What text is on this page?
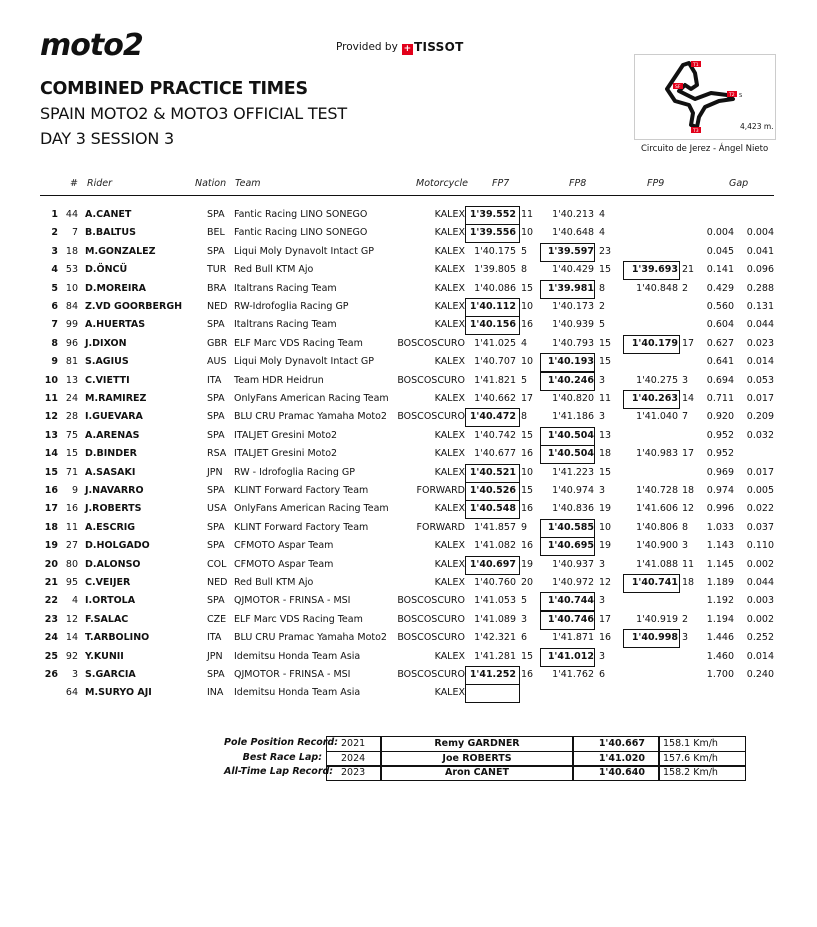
moto2	Provided by + TISSOT
COMBINED PRACTICE TIMES
SPAIN MOTO2 & MOTO3 OFFICIAL TEST
DAY 3 SESSION 3
T1
SF
T2 S
T3
4,423 m.
Circuito de Jerez - Ángel Nieto
# Rider	Nation Team	Motorcycle	FP7	FP8	FP9	Gap
1 44 A.CANET	SPA Fantic Racing LINO SONEGO	KALEX 1'39.552 11	1'40.213 4
2	7 B.BALTUS	BEL Fantic Racing LINO SONEGO	KALEX 1'39.556 10	1'40.648 4	0.004	0.004
3 18 M.GONZALEZ	SPA Liqui Moly Dynavolt Intact GP	KALEX 1'40.175 5 1'39.597 23	0.045	0.041
4 53 D.ÖNCÜ	TUR Red Bull KTM Ajo	KALEX 1'39.805 8	1'40.429 15	1'39.693 21	0.141	0.096
5 10 D.MOREIRA	BRA Italtrans Racing Team	KALEX 1'40.086 15 1'39.981 8	1'40.848 2	0.429	0.288
6 84 Z.VD GOORBERGH	NED RW-Idrofoglia Racing GP	KALEX 1'40.112 10	1'40.173 2	0.560	0.131
7 99 A.HUERTAS	SPA Italtrans Racing Team	KALEX 1'40.156 16	1'40.939 5	0.604	0.044
8 96 J.DIXON	GBR ELF Marc VDS Racing Team	BOSCOSCURO 1'41.025 4	1'40.793 15	1'40.179 17	0.627	0.023
9 81 S.AGIUS	AUS Liqui Moly Dynavolt Intact GP	KALEX 1'40.707 10 1'40.193 15	0.641	0.014
10 13 C.VIETTI	ITA Team HDR Heidrun	BOSCOSCURO 1'41.821 5 1'40.246 3	1'40.275 3	0.694	0.053
11 24 M.RAMIREZ	SPA OnlyFans American Racing Team	KALEX 1'40.662 17	1'40.820 11	1'40.263 14	0.711	0.017
12 28 I.GUEVARA	SPA BLU CRU Pramac Yamaha Moto2 BOSCOSCURO 1'40.472 8	1'41.186 3	1'41.040 7	0.920	0.209
13 75 A.ARENAS	SPA ITALJET Gresini Moto2	KALEX 1'40.742 15 1'40.504 13	0.952	0.032
14 15 D.BINDER	RSA ITALJET Gresini Moto2	KALEX 1'40.677 16 1'40.504 18	1'40.983 17	0.952
15 71 A.SASAKI	JPN RW - Idrofoglia Racing GP	KALEX 1'40.521 10	1'41.223 15	0.969	0.017
16	9 J.NAVARRO	SPA KLINT Forward Factory Team	FORWARD 1'40.526 15	1'40.974 3	1'40.728 18	0.974	0.005
17 16 J.ROBERTS	USA OnlyFans American Racing Team	KALEX 1'40.548 16	1'40.836 19	1'41.606 12	0.996	0.022
18 11 A.ESCRIG	SPA KLINT Forward Factory Team	FORWARD 1'41.857 9 1'40.585 10	1'40.806 8	1.033	0.037
19 27 D.HOLGADO	SPA CFMOTO Aspar Team	KALEX 1'41.082 16 1'40.695 19	1'40.900 3	1.143	0.110
20 80 D.ALONSO	COL CFMOTO Aspar Team	KALEX 1'40.697 19	1'40.937 3	1'41.088 11	1.145	0.002
21 95 C.VEIJER	NED Red Bull KTM Ajo	KALEX 1'40.760 20	1'40.972 12	1'40.741 18	1.189	0.044
22	4 I.ORTOLA	SPA QJMOTOR - FRINSA - MSI	BOSCOSCURO 1'41.053 5 1'40.744 3	1.192	0.003
23 12 F.SALAC	CZE ELF Marc VDS Racing Team	BOSCOSCURO 1'41.089 3 1'40.746 17	1'40.919 2	1.194	0.002
24 14 T.ARBOLINO	ITA BLU CRU Pramac Yamaha Moto2 BOSCOSCURO 1'42.321 6	1'41.871 16	1'40.998 3	1.446	0.252
25 92 Y.KUNII	JPN Idemitsu Honda Team Asia	KALEX 1'41.281 15 1'41.012 3	1.460	0.014
26	3 S.GARCIA	SPA QJMOTOR - FRINSA - MSI	BOSCOSCURO 1'41.252 16	1'41.762 6	1.700	0.240
64 M.SURYO AJI	INA Idemitsu Honda Team Asia	KALEX
Pole Position Record: 2021	Remy GARDNER	1'40.667 158.1 Km/h
Best Race Lap: 2024	Joe ROBERTS	1'41.020 157.6 Km/h
All-Time Lap Record: 2023	Aron CANET	1'40.640 158.2 Km/h
